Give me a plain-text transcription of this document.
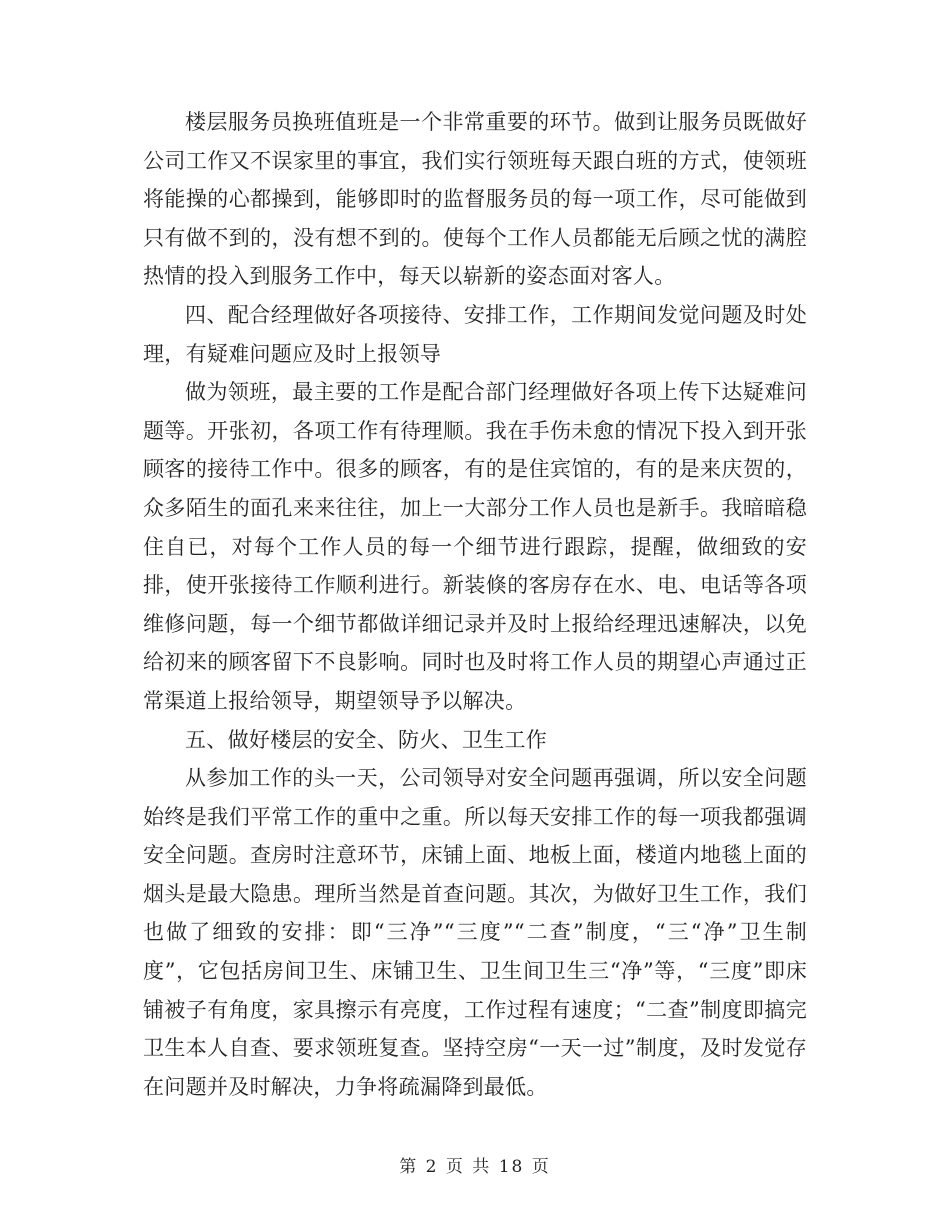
楼层服务员换班值班是一个非常重要的环节。做到让服务员既做好公司工作又不误家里的事宜，我们实行领班每天跟白班的方式，使领班将能操的心都操到，能够即时的监督服务员的每一项工作，尽可能做到只有做不到的，没有想不到的。使每个工作人员都能无后顾之忧的满腔热情的投入到服务工作中，每天以崭新的姿态面对客人。

四、配合经理做好各项接待、安排工作，工作期间发觉问题及时处理，有疑难问题应及时上报领导

做为领班，最主要的工作是配合部门经理做好各项上传下达疑难问题等。开张初，各项工作有待理顺。我在手伤未愈的情况下投入到开张顾客的接待工作中。很多的顾客，有的是住宾馆的，有的是来庆贺的，众多陌生的面孔来来往往，加上一大部分工作人员也是新手。我暗暗稳住自已，对每个工作人员的每一个细节进行跟踪，提醒，做细致的安排，使开张接待工作顺利进行。新装倏的客房存在水、电、电话等各项维修问题，每一个细节都做详细记录并及时上报给经理迅速解决，以免给初来的顾客留下不良影响。同时也及时将工作人员的期望心声通过正常渠道上报给领导，期望领导予以解决。

五、做好楼层的安全、防火、卫生工作

从参加工作的头一天，公司领导对安全问题再强调，所以安全问题始终是我们平常工作的重中之重。所以每天安排工作的每一项我都强调安全问题。查房时注意环节，床铺上面、地板上面，楼道内地毯上面的烟头是最大隐患。理所当然是首查问题。其次，为做好卫生工作，我们也做了细致的安排：即“三净”“三度”“二查”制度，“三“净”卫生制度”，它包括房间卫生、床铺卫生、卫生间卫生三“净”等，“三度”即床铺被子有角度，家具擦示有亮度，工作过程有速度；“二查”制度即搞完卫生本人自查、要求领班复查。坚持空房“一天一过”制度，及时发觉存在问题并及时解决，力争将疏漏降到最低。

第 2 页 共 18 页
